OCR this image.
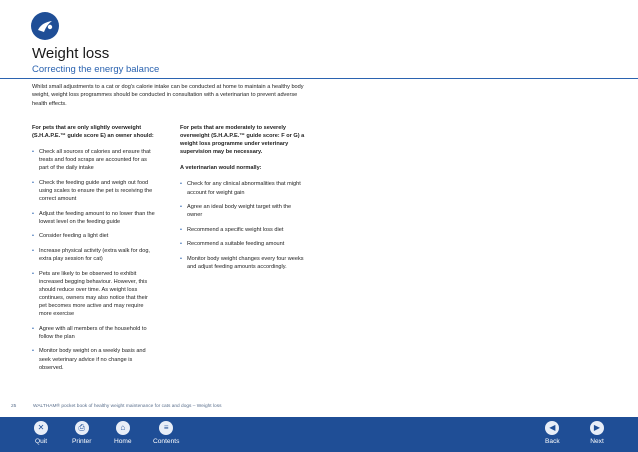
Weight loss
Correcting the energy balance

Whilst small adjustments to a cat or dog's calorie intake can be conducted at home to maintain a healthy body weight, weight loss programmes should be conducted in consultation with a veterinarian to prevent adverse health effects.

For pets that are only slightly overweight (S.H.A.P.E.™ guide score E) an owner should:

• Check all sources of calories and ensure that treats and food scraps are accounted for as part of the daily intake
• Check the feeding guide and weigh out food using scales to ensure the pet is receiving the correct amount
• Adjust the feeding amount to no lower than the lowest level on the feeding guide
• Consider feeding a light diet
• Increase physical activity (extra walk for dog, extra play session for cat)
• Pets are likely to be observed to exhibit increased begging behaviour. However, this should reduce over time. As weight loss continues, owners may also notice that their pet becomes more active and may require more exercise
• Agree with all members of the household to follow the plan
• Monitor body weight on a weekly basis and seek veterinary advice if no change is observed.

For pets that are moderately to severely overweight (S.H.A.P.E.™ guide score: F or G) a weight loss programme under veterinary supervision may be necessary.

A veterinarian would normally:

• Check for any clinical abnormalities that might account for weight gain
• Agree an ideal body weight target with the owner
• Recommend a specific weight loss diet
• Recommend a suitable feeding amount
• Monitor body weight changes every four weeks and adjust feeding amounts accordingly.
25	WALTHAM® pocket book of healthy weight maintenance for cats and dogs – Weight loss
✕
Quit
⎙
Printer
⌂
Home
≡
Contents
◀
Back
▶
Next
